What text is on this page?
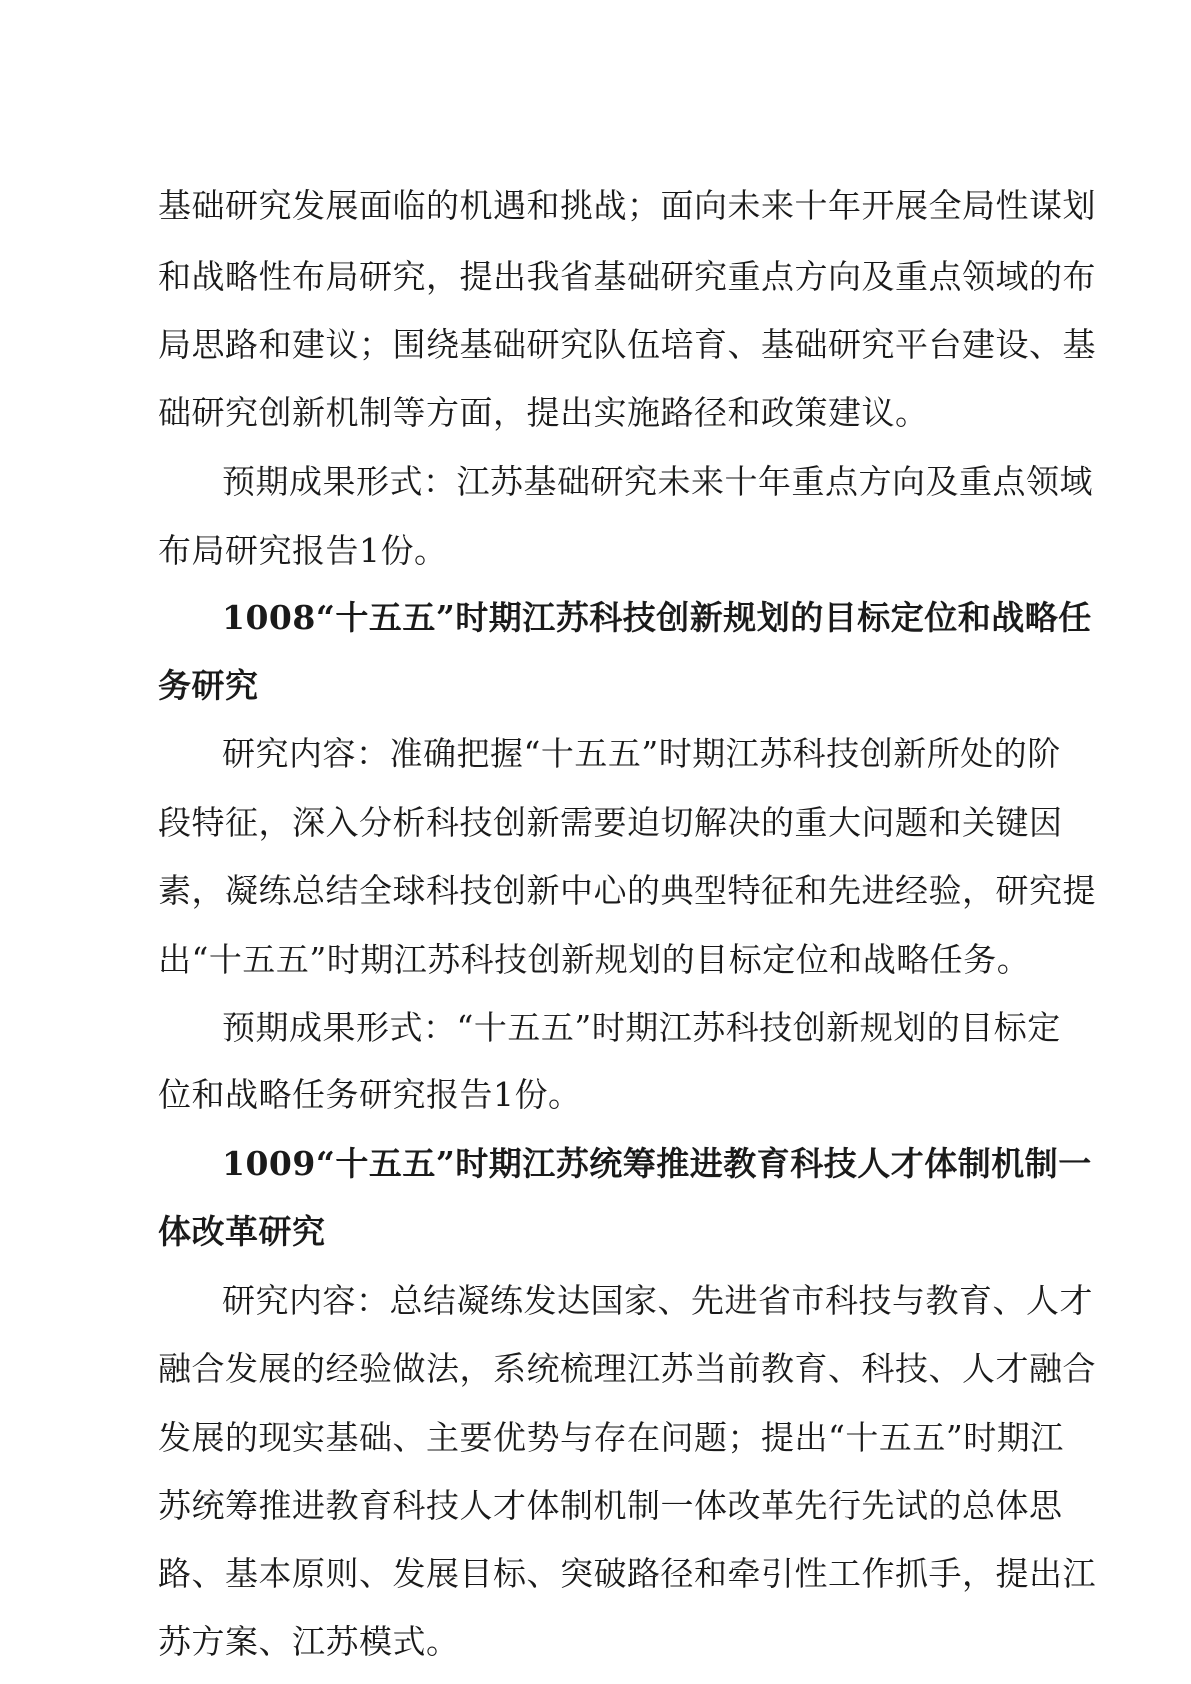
基础研究发展面临的机遇和挑战；面向未来十年开展全局性谋划
和战略性布局研究，提出我省基础研究重点方向及重点领域的布
局思路和建议；围绕基础研究队伍培育、基础研究平台建设、基
础研究创新机制等方面，提出实施路径和政策建议。
预期成果形式：江苏基础研究未来十年重点方向及重点领域
布局研究报告1份。
1008“十五五”时期江苏科技创新规划的目标定位和战略任
务研究
研究内容：准确把握“十五五”时期江苏科技创新所处的阶
段特征，深入分析科技创新需要迫切解决的重大问题和关键因
素，凝练总结全球科技创新中心的典型特征和先进经验，研究提
出“十五五”时期江苏科技创新规划的目标定位和战略任务。
预期成果形式：“十五五”时期江苏科技创新规划的目标定
位和战略任务研究报告1份。
1009“十五五”时期江苏统筹推进教育科技人才体制机制一
体改革研究
研究内容：总结凝练发达国家、先进省市科技与教育、人才
融合发展的经验做法，系统梳理江苏当前教育、科技、人才融合
发展的现实基础、主要优势与存在问题；提出“十五五”时期江
苏统筹推进教育科技人才体制机制一体改革先行先试的总体思
路、基本原则、发展目标、突破路径和牵引性工作抓手，提出江
苏方案、江苏模式。
